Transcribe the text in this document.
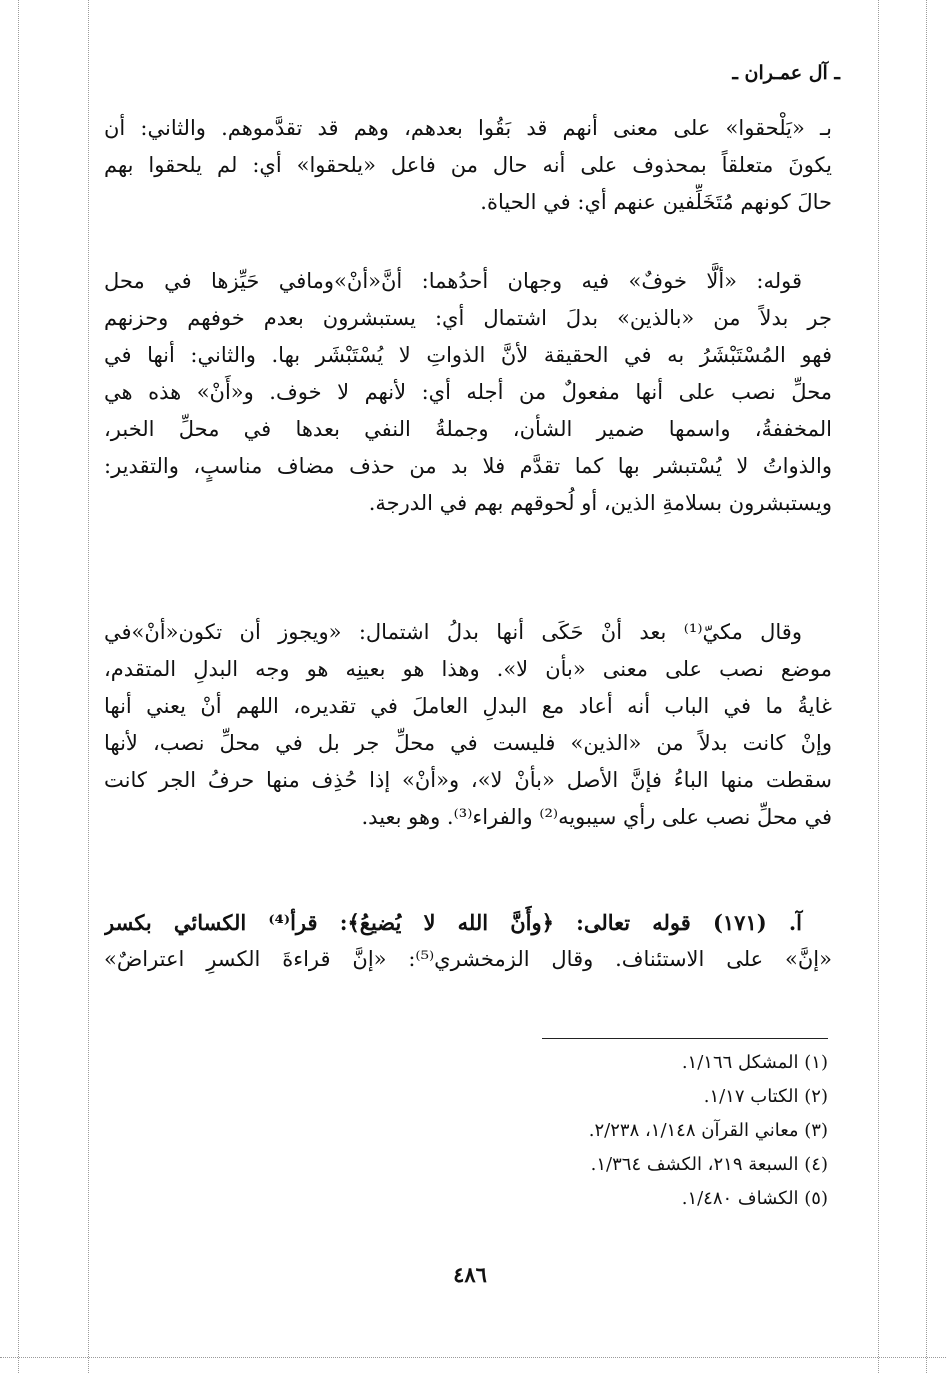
ـ آل عمـران ـ
بـ «يَلْحقوا» على معنى أنهم قد بَقُوا بعدهم، وهم قد تقدَّموهم. والثاني: أن
يكونَ متعلقاً بمحذوف على أنه حال من فاعل «يلحقوا» أي: لم يلحقوا بهم
حالَ كونهم مُتَخَلِّفين عنهم أي: في الحياة.
قوله: «ألَّا خوفٌ» فيه وجهان أحدُهما: أنَّ«أنْ»ومافي حَيِّزها في محل
جر بدلاً من «بالذين» بدلَ اشتمال أي: يستبشرون بعدم خوفهم وحزنهم
فهو المُسْتَبْشَرُ به في الحقيقة لأنَّ الذواتِ لا يُسْتَبْشَر بها. والثاني: أنها في
محلِّ نصب على أنها مفعولٌ من أجله أي: لأنهم لا خوف. و«أَنْ» هذه هي
المخففةُ، واسمها ضمير الشأن، وجملةُ النفي بعدها في محلِّ الخبر،
والذواتُ لا يُسْتبشر بها كما تقدَّم فلا بد من حذف مضاف مناسبٍ، والتقدير:
ويستبشرون بسلامةِ الذين، أو لُحوقهم بهم في الدرجة.
وقال مكيّ⁽¹⁾ بعد أنْ حَكَى أنها بدلُ اشتمال: «ويجوز أن تكون«أنْ»في
موضع نصب على معنى «بأن لا». وهذا هو بعينِه هو وجه البدلِ المتقدم،
غايةُ ما في الباب أنه أعاد مع البدلِ العاملَ في تقديره، اللهم أنْ يعني أنها
وإنْ كانت بدلاً من «الذين» فليست في محلِّ جر بل في محلِّ نصب، لأنها
سقطت منها الباءُ فإنَّ الأصل «بأنْ لا»، و«أنْ» إذا حُذِف منها حرفُ الجر كانت
في محلِّ نصب على رأي سيبويه⁽²⁾ والفراء⁽³⁾. وهو بعيد.
آ. (١٧١) قوله تعالى: ﴿وأَنَّ الله لا يُضيعُ﴾: قرأ⁽⁴⁾ الكسائي بكسر
«إنَّ» على الاستئناف. وقال الزمخشري⁽⁵⁾: «إنَّ قراءةَ الكسرِ اعتراضٌ»
(١) المشكل ١/١٦٦.
(٢) الكتاب ١/١٧.
(٣) معاني القرآن ١/١٤٨، ٢/٢٣٨.
(٤) السبعة ٢١٩، الكشف ١/٣٦٤.
(٥) الكشاف ١/٤٨٠.
٤٨٦
